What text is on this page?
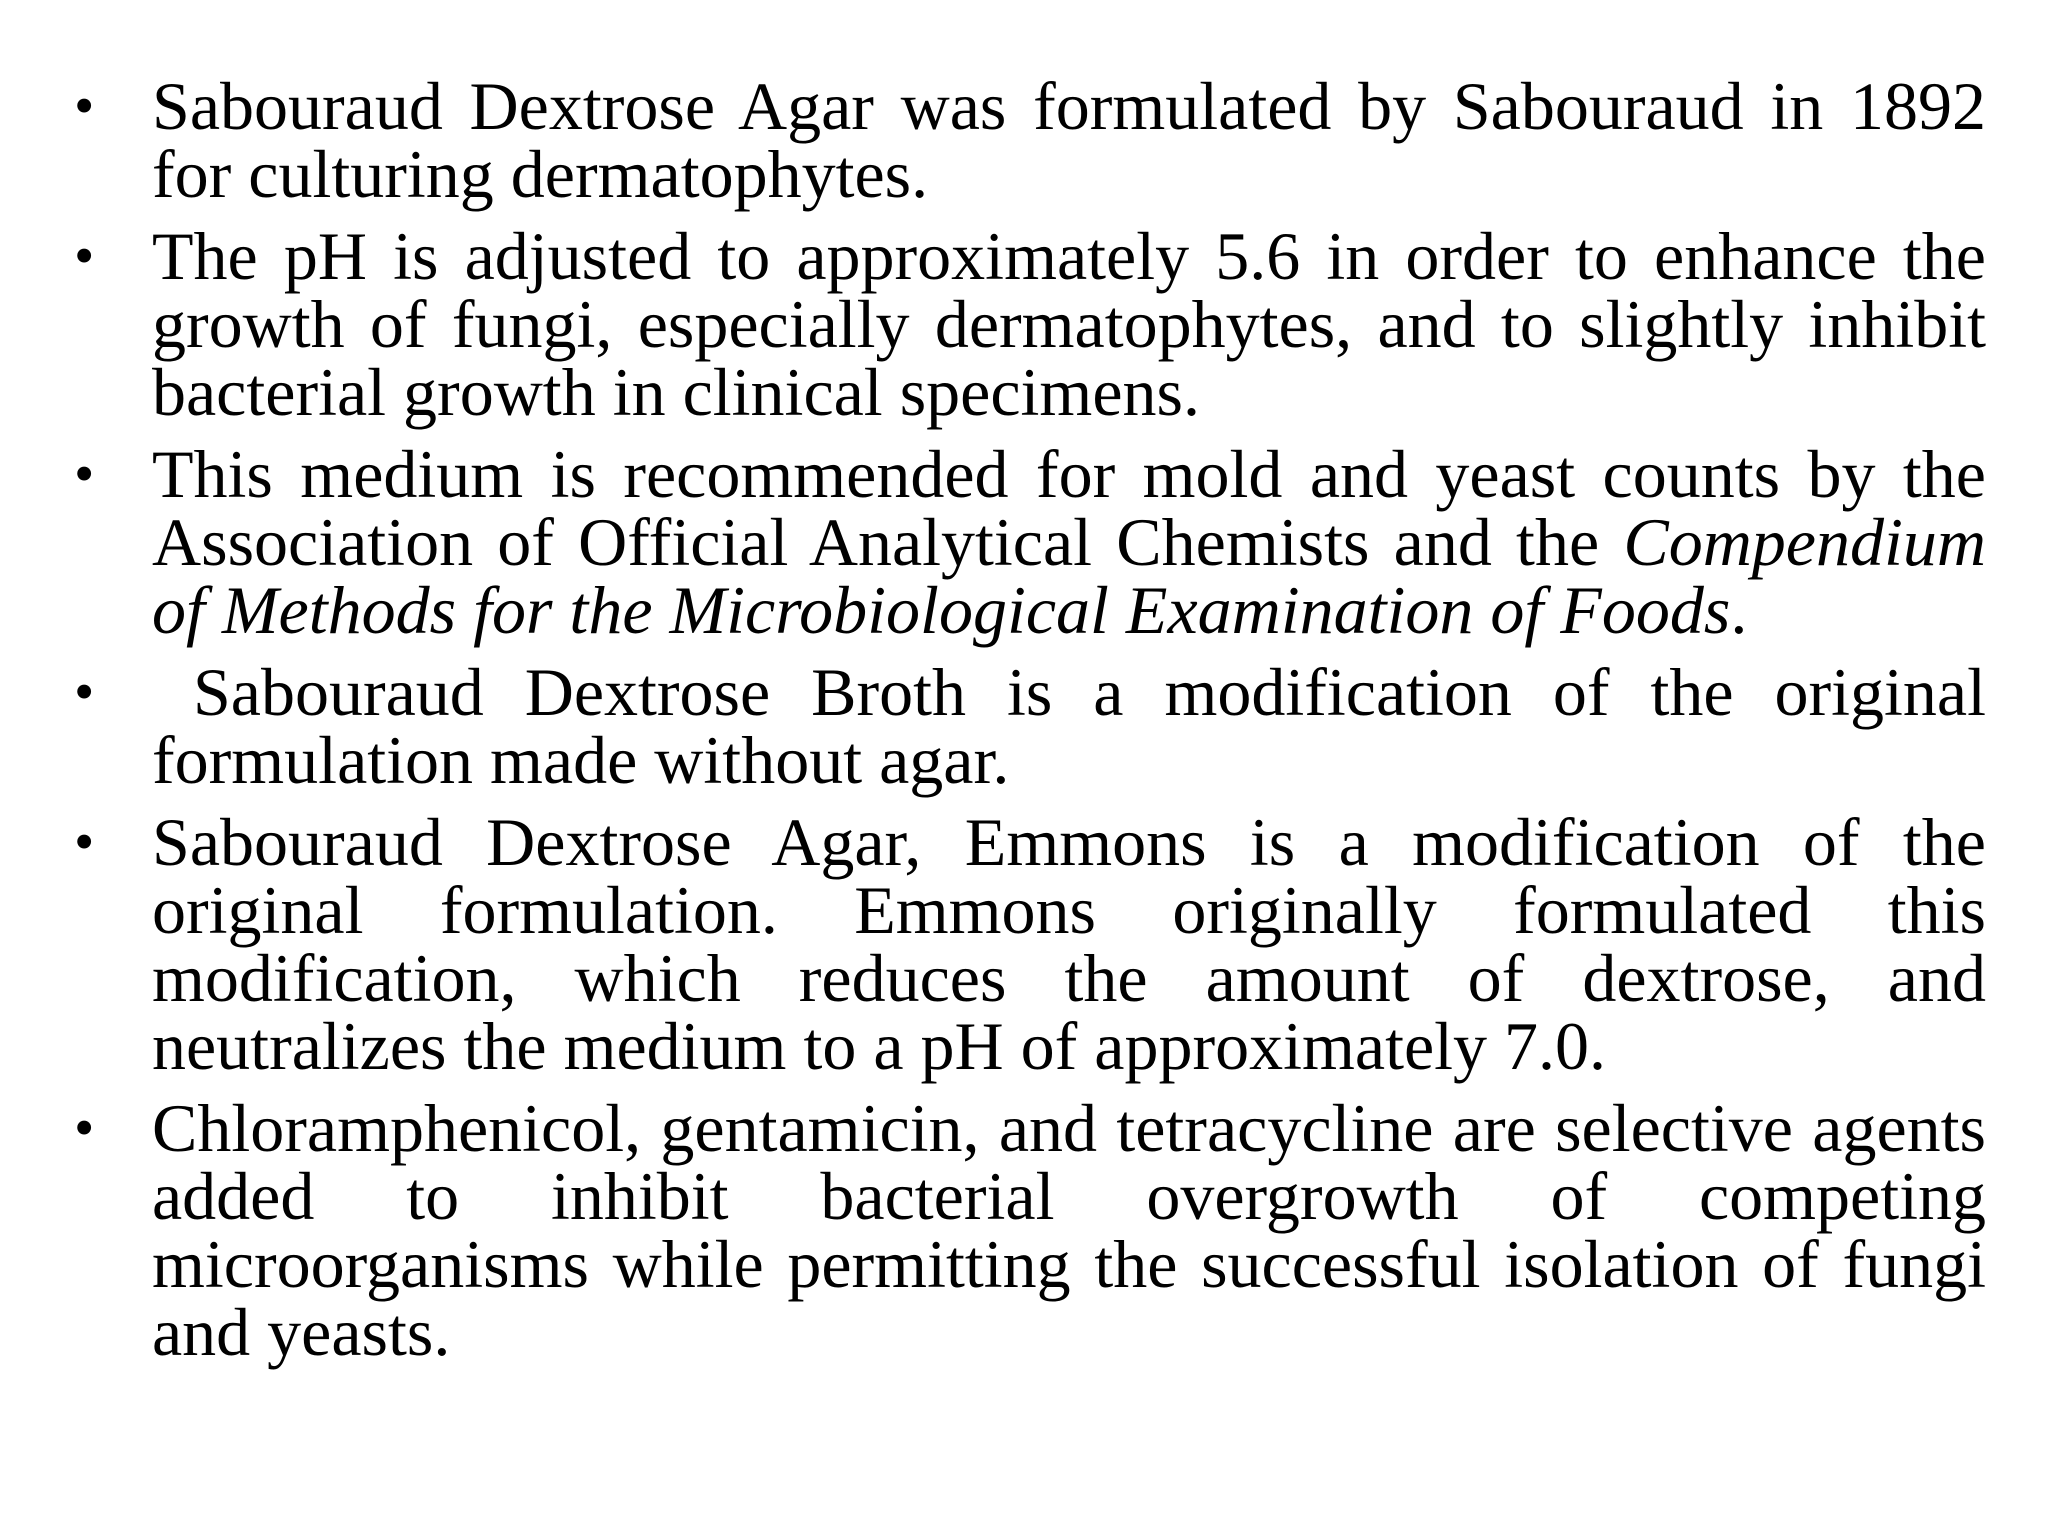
• Sabouraud Dextrose Agar was formulated by Sabouraud in 1892 for culturing dermatophytes.
• The pH is adjusted to approximately 5.6 in order to enhance the growth of fungi, especially dermatophytes, and to slightly inhibit bacterial growth in clinical specimens.
• This medium is recommended for mold and yeast counts by the Association of Official Analytical Chemists and the Compendium of Methods for the Microbiological Examination of Foods.
• Sabouraud Dextrose Broth is a modification of the original formulation made without agar.
• Sabouraud Dextrose Agar, Emmons is a modification of the original formulation. Emmons originally formulated this modification, which reduces the amount of dextrose, and neutralizes the medium to a pH of approximately 7.0.
• Chloramphenicol, gentamicin, and tetracycline are selective agents added to inhibit bacterial overgrowth of competing microorganisms while permitting the successful isolation of fungi and yeasts.
